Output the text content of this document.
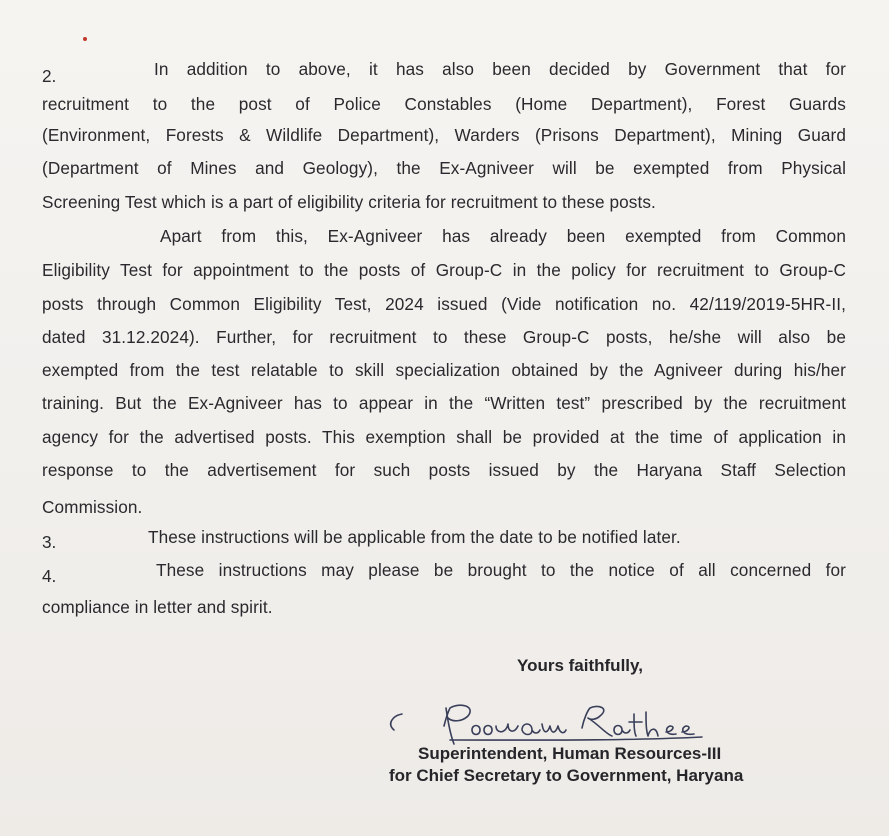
2.	In addition to above, it has also been decided by Government that for
recruitment to the post of Police Constables (Home Department), Forest Guards
(Environment, Forests & Wildlife Department), Warders (Prisons Department), Mining Guard
(Department of Mines and Geology), the Ex-Agniveer will be exempted from Physical
Screening Test which is a part of eligibility criteria for recruitment to these posts.
Apart from this, Ex-Agniveer has already been exempted from Common
Eligibility Test for appointment to the posts of Group-C in the policy for recruitment to Group-C
posts through Common Eligibility Test, 2024 issued (Vide notification no. 42/119/2019-5HR-II,
dated 31.12.2024). Further, for recruitment to these Group-C posts, he/she will also be
exempted from the test relatable to skill specialization obtained by the Agniveer during his/her
training. But the Ex-Agniveer has to appear in the “Written test” prescribed by the recruitment
agency for the advertised posts. This exemption shall be provided at the time of application in
response to the advertisement for such posts issued by the Haryana Staff Selection
Commission.
3.	These instructions will be applicable from the date to be notified later.
4.	These instructions may please be brought to the notice of all concerned for
compliance in letter and spirit.
Yours faithfully,
Superintendent, Human Resources-III
for Chief Secretary to Government, Haryana
